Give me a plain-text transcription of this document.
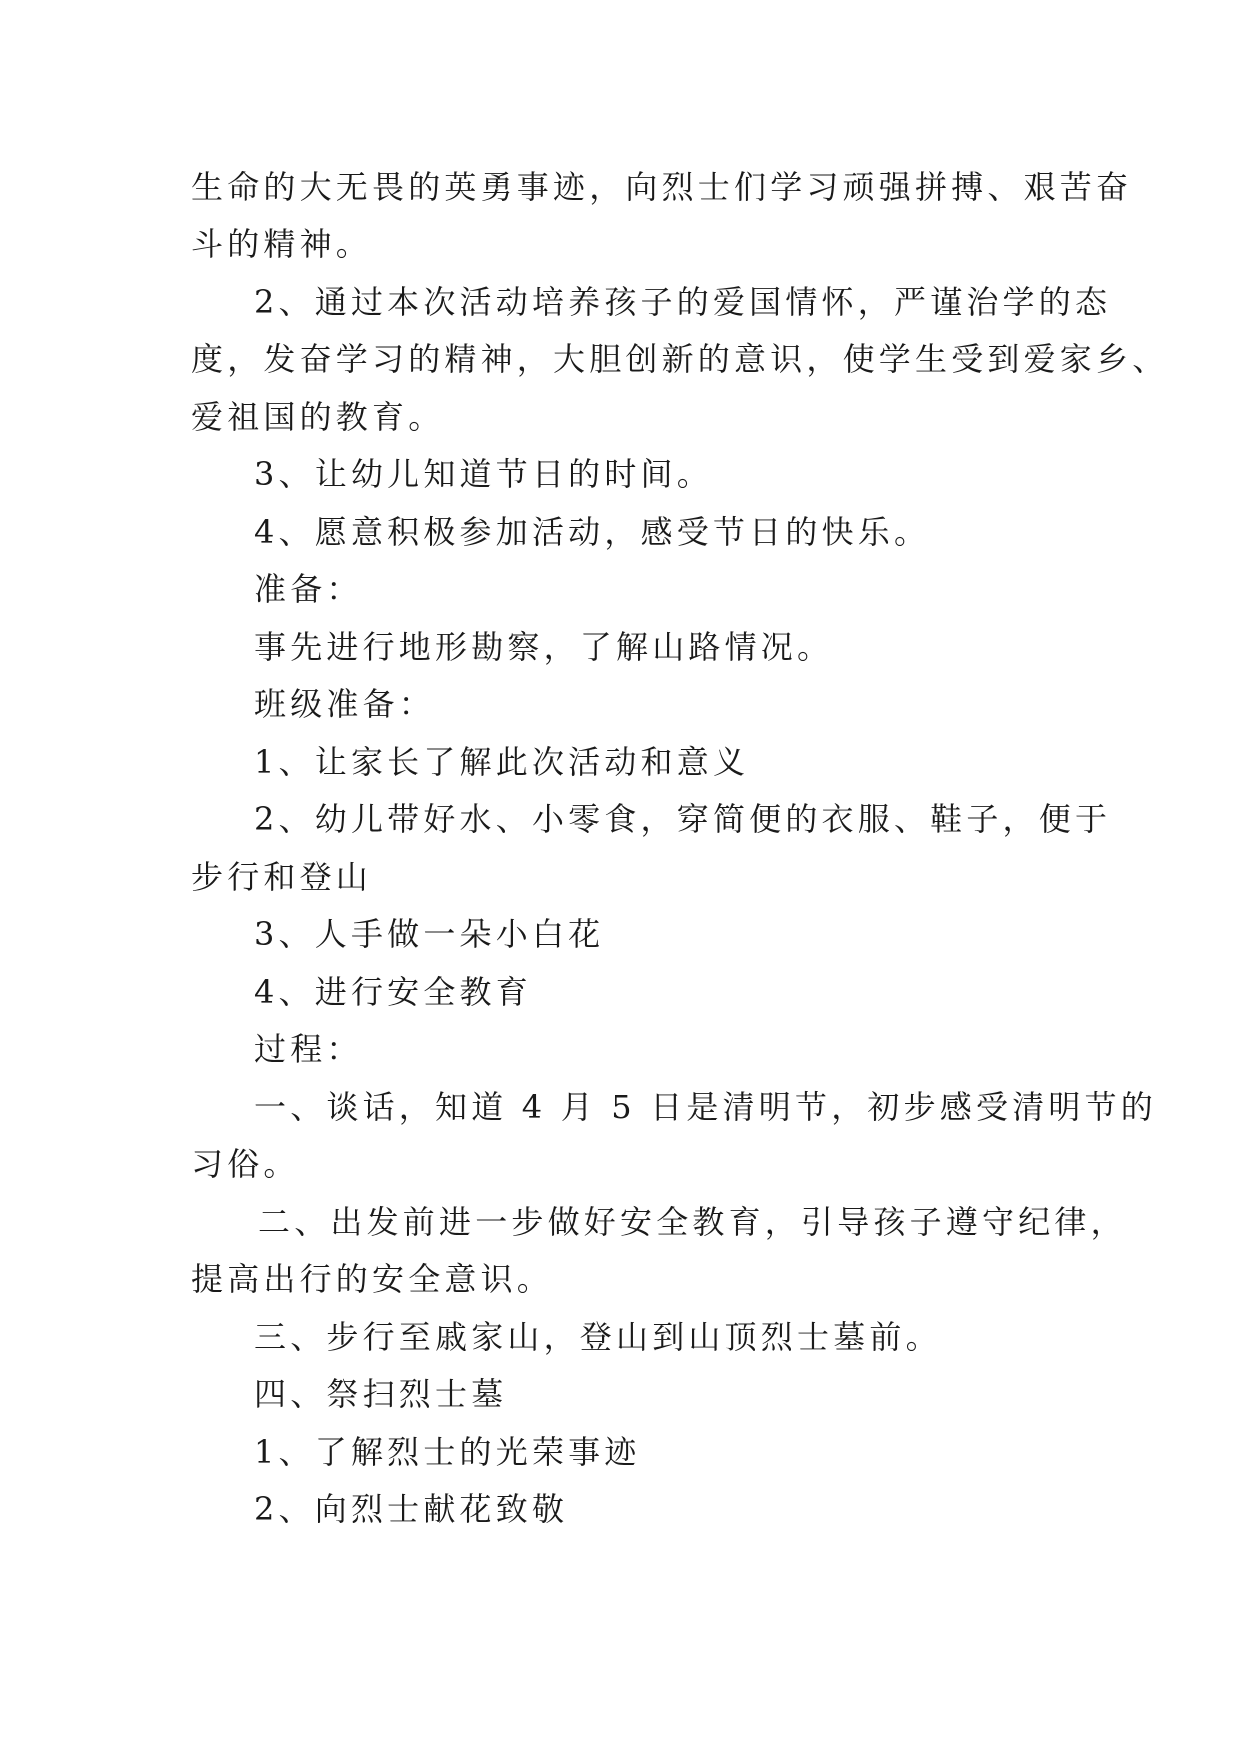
生命的大无畏的英勇事迹，向烈士们学习顽强拼搏、艰苦奋
斗的精神。
2、通过本次活动培养孩子的爱国情怀，严谨治学的态
度，发奋学习的精神，大胆创新的意识，使学生受到爱家乡、
爱祖国的教育。
3、让幼儿知道节日的时间。
4、愿意积极参加活动，感受节日的快乐。
准备：
事先进行地形勘察，了解山路情况。
班级准备：
1、让家长了解此次活动和意义
2、幼儿带好水、小零食，穿简便的衣服、鞋子，便于
步行和登山
3、人手做一朵小白花
4、进行安全教育
过程：
一、谈话，知道 4 月 5 日是清明节，初步感受清明节的
习俗。
二、出发前进一步做好安全教育，引导孩子遵守纪律，
提高出行的安全意识。
三、步行至戚家山，登山到山顶烈士墓前。
四、祭扫烈士墓
1、了解烈士的光荣事迹
2、向烈士献花致敬
